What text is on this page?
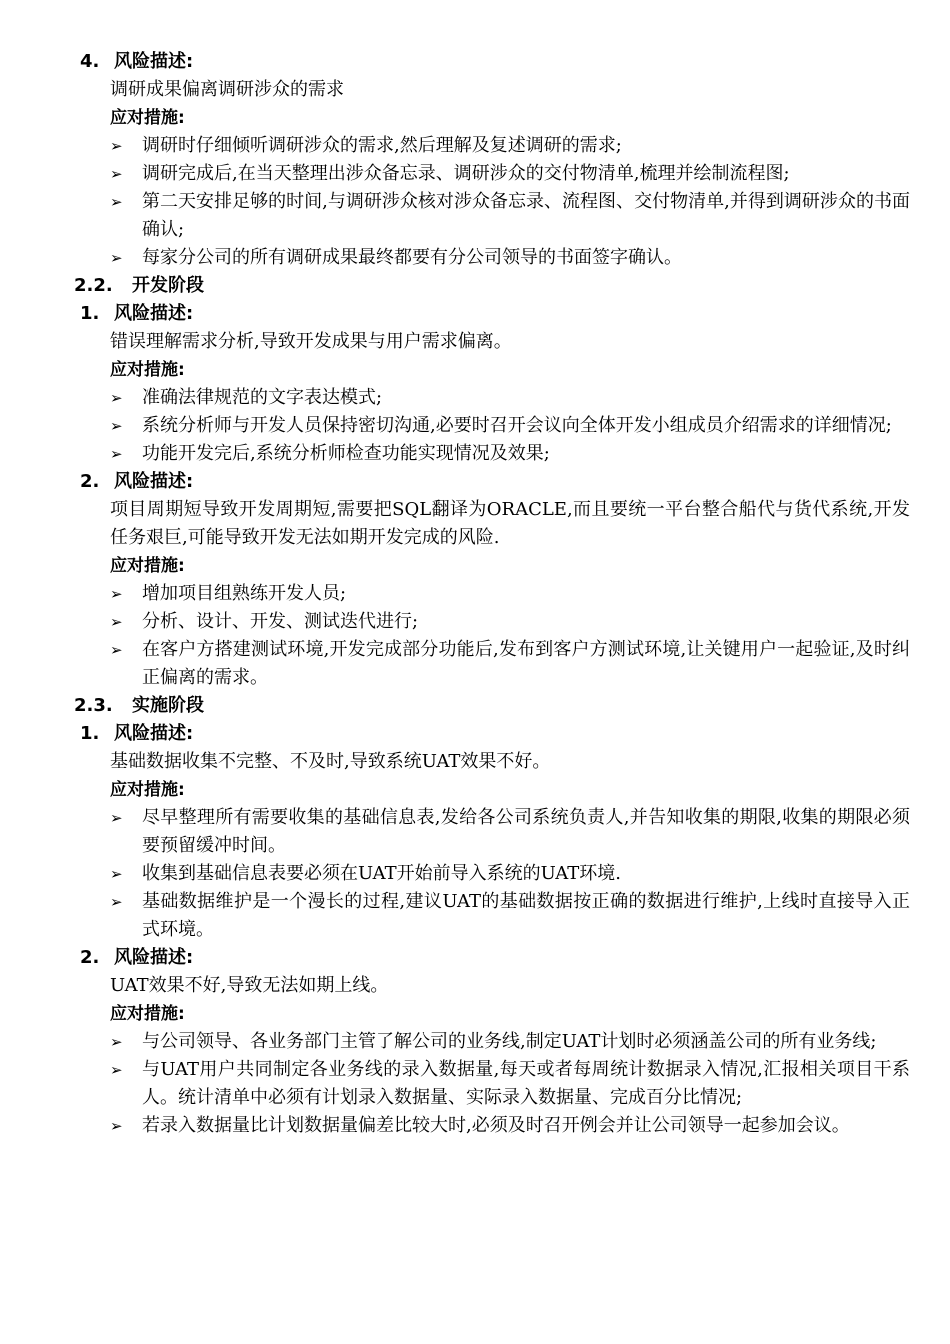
4. 风险描述:
调研成果偏离调研涉众的需求
应对措施:
➢ 调研时仔细倾听调研涉众的需求,然后理解及复述调研的需求;
➢ 调研完成后,在当天整理出涉众备忘录、调研涉众的交付物清单,梳理并绘制流程图;
➢ 第二天安排足够的时间,与调研涉众核对涉众备忘录、流程图、交付物清单,并得到调研涉众的书面确认;
➢ 每家分公司的所有调研成果最终都要有分公司领导的书面签字确认。
2.2. 开发阶段
1. 风险描述:
错误理解需求分析,导致开发成果与用户需求偏离。
应对措施:
➢ 准确法律规范的文字表达模式;
➢ 系统分析师与开发人员保持密切沟通,必要时召开会议向全体开发小组成员介绍需求的详细情况;
➢ 功能开发完后,系统分析师检查功能实现情况及效果;
2. 风险描述:
项目周期短导致开发周期短,需要把SQL翻译为ORACLE,而且要统一平台整合船代与货代系统,开发任务艰巨,可能导致开发无法如期开发完成的风险.
应对措施:
➢ 增加项目组熟练开发人员;
➢ 分析、设计、开发、测试迭代进行;
➢ 在客户方搭建测试环境,开发完成部分功能后,发布到客户方测试环境,让关键用户一起验证,及时纠正偏离的需求。
2.3. 实施阶段
1. 风险描述:
基础数据收集不完整、不及时,导致系统UAT效果不好。
应对措施:
➢ 尽早整理所有需要收集的基础信息表,发给各公司系统负责人,并告知收集的期限,收集的期限必须要预留缓冲时间。
➢ 收集到基础信息表要必须在UAT开始前导入系统的UAT环境.
➢ 基础数据维护是一个漫长的过程,建议UAT的基础数据按正确的数据进行维护,上线时直接导入正式环境。
2. 风险描述:
UAT效果不好,导致无法如期上线。
应对措施:
➢ 与公司领导、各业务部门主管了解公司的业务线,制定UAT计划时必须涵盖公司的所有业务线;
➢ 与UAT用户共同制定各业务线的录入数据量,每天或者每周统计数据录入情况,汇报相关项目干系人。统计清单中必须有计划录入数据量、实际录入数据量、完成百分比情况;
➢ 若录入数据量比计划数据量偏差比较大时,必须及时召开例会并让公司领导一起参加会议。
